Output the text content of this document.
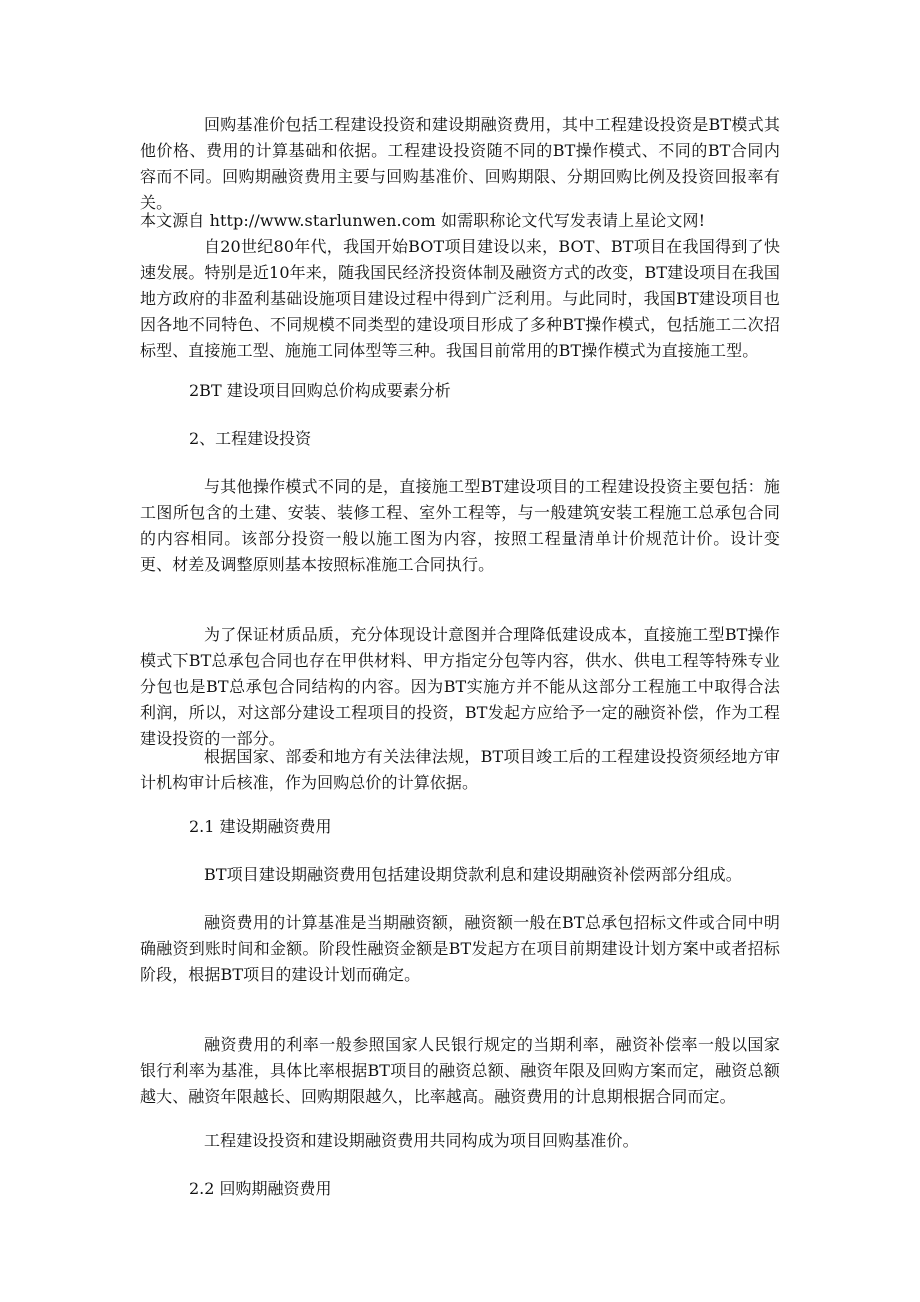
回购基准价包括工程建设投资和建设期融资费用，其中工程建设投资是BT模式其他价格、费用的计算基础和依据。工程建设投资随不同的BT操作模式、不同的BT合同内容而不同。回购期融资费用主要与回购基准价、回购期限、分期回购比例及投资回报率有关。

本文源自 http://www.starlunwen.com 如需职称论文代写发表请上星论文网!

自20世纪80年代，我国开始BOT项目建设以来，BOT、BT项目在我国得到了快速发展。特别是近10年来，随我国民经济投资体制及融资方式的改变，BT建设项目在我国地方政府的非盈利基础设施项目建设过程中得到广泛利用。与此同时，我国BT建设项目也因各地不同特色、不同规模不同类型的建设项目形成了多种BT操作模式，包括施工二次招标型、直接施工型、施施工同体型等三种。我国目前常用的BT操作模式为直接施工型。

2BT 建设项目回购总价构成要素分析

2、工程建设投资

与其他操作模式不同的是，直接施工型BT建设项目的工程建设投资主要包括：施工图所包含的土建、安装、装修工程、室外工程等，与一般建筑安装工程施工总承包合同的内容相同。该部分投资一般以施工图为内容，按照工程量清单计价规范计价。设计变更、材差及调整原则基本按照标准施工合同执行。

为了保证材质品质，充分体现设计意图并合理降低建设成本，直接施工型BT操作模式下BT总承包合同也存在甲供材料、甲方指定分包等内容，供水、供电工程等特殊专业分包也是BT总承包合同结构的内容。因为BT实施方并不能从这部分工程施工中取得合法利润，所以，对这部分建设工程项目的投资，BT发起方应给予一定的融资补偿，作为工程建设投资的一部分。

根据国家、部委和地方有关法律法规，BT项目竣工后的工程建设投资须经地方审计机构审计后核准，作为回购总价的计算依据。

2.1 建设期融资费用

BT项目建设期融资费用包括建设期贷款利息和建设期融资补偿两部分组成。

融资费用的计算基准是当期融资额，融资额一般在BT总承包招标文件或合同中明确融资到账时间和金额。阶段性融资金额是BT发起方在项目前期建设计划方案中或者招标阶段，根据BT项目的建设计划而确定。

融资费用的利率一般参照国家人民银行规定的当期利率，融资补偿率一般以国家银行利率为基准，具体比率根据BT项目的融资总额、融资年限及回购方案而定，融资总额越大、融资年限越长、回购期限越久，比率越高。融资费用的计息期根据合同而定。

工程建设投资和建设期融资费用共同构成为项目回购基准价。

2.2 回购期融资费用
